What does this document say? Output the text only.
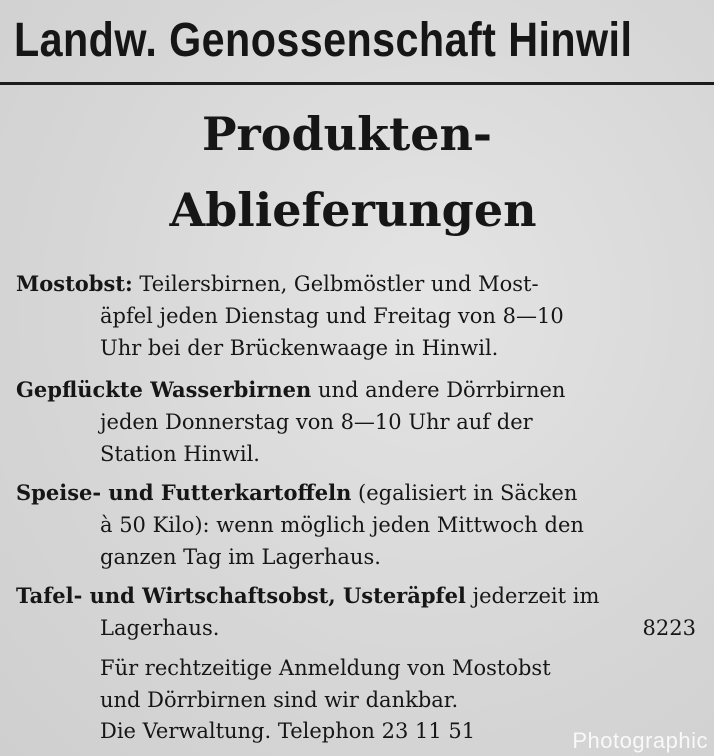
Landw. Genossenschaft Hinwil
Produkten-
Ablieferungen
Mostobst: Teilersbirnen, Gelbmöstler und Most-
äpfel jeden Dienstag und Freitag von 8—10
Uhr bei der Brückenwaage in Hinwil.
Gepflückte Wasserbirnen und andere Dörrbirnen
jeden Donnerstag von 8—10 Uhr auf der
Station Hinwil.
Speise- und Futterkartoffeln (egalisiert in Säcken
à 50 Kilo): wenn möglich jeden Mittwoch den
ganzen Tag im Lagerhaus.
Tafel- und Wirtschaftsobst, Usteräpfel jederzeit im
Lagerhaus.	8223
Für rechtzeitige Anmeldung von Mostobst
und Dörrbirnen sind wir dankbar.
Die Verwaltung. Telephon 23 11 51	Photographic
